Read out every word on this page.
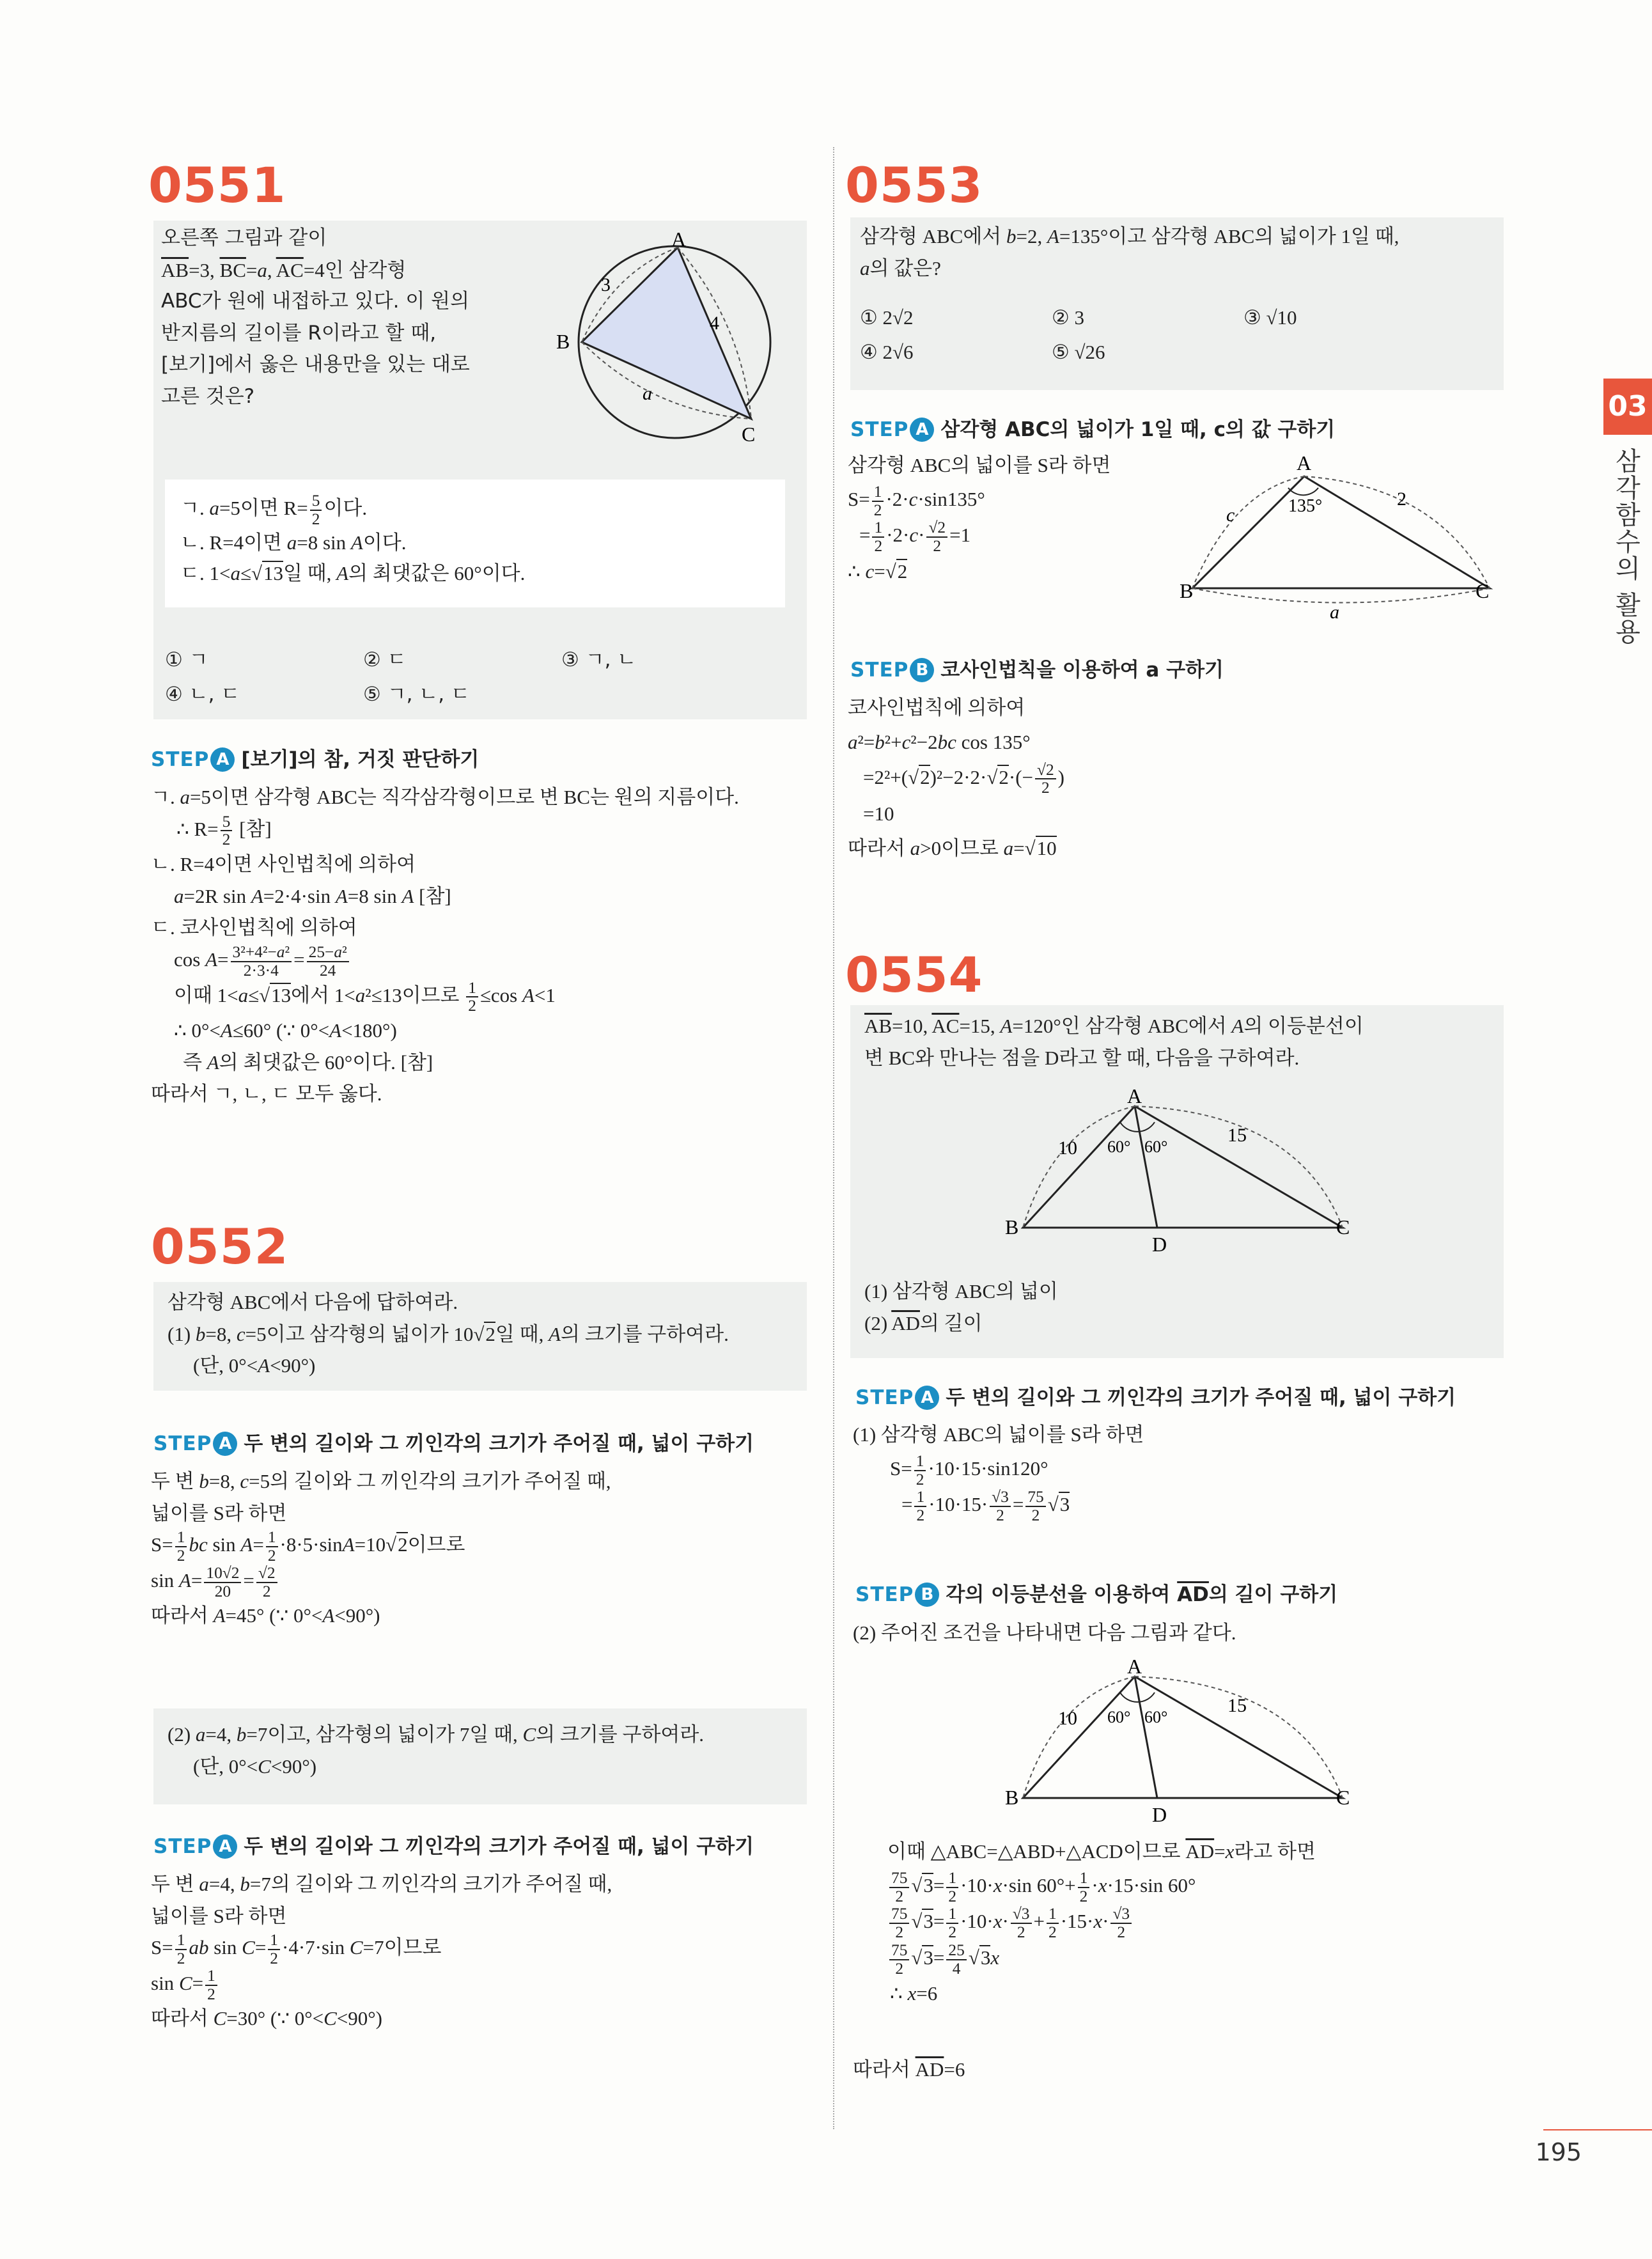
03
삼각함수의 활용
0551
오른쪽 그림과 같이
$\overline{AB}=3$, $\overline{BC}=a$, $\overline{AC}=4$인 삼각형
ABC가 원에 내접하고 있다. 이 원의
반지름의 길이를 R이라고 할 때,
[보기]에서 옳은 내용만을 있는 대로
고른 것은?
A
B
C
3
4
a
ㄱ. a=5이면 $R= \frac{5}{2}$ 이다.
ㄴ. R=4이면 a=8 sin A이다.
ㄷ. 1<a≤√13일 때, A의 최댓값은 60°이다.
① ㄱ	② ㄷ	③ ㄱ, ㄴ
④ ㄴ, ㄷ	⑤ ㄱ, ㄴ, ㄷ
STEP A [보기]의 참, 거짓 판단하기
ㄱ. a=5이면 삼각형 ABC는 직각삼각형이므로 변 BC는 원의 지름이다.
∴ $R= \frac{5}{2}$ [참]
ㄴ. R=4이면 사인법칙에 의하여
a=2R sin A=2·4·sin A=8 sin A [참]
ㄷ. 코사인법칙에 의하여
$\cos A= \frac{\text{3²+4²−a²}}{2\cdot 3\cdot 4} = \frac{\text{25−a²}}{24}$
이때 1<a≤√13에서 1<a²≤13이므로 $\frac{1}{2} \le\cos$ A<1
∴ 0°<A≤60° (∵ 0°<A<180°)
즉 A의 최댓값은 60°이다. [참]
따라서 ㄱ, ㄴ, ㄷ 모두 옳다.
0552
삼각형 ABC에서 다음에 답하여라.
(1) b=8, c=5이고 삼각형의 넓이가 10√2일 때, A의 크기를 구하여라.
(단, 0°<A<90°)
STEP A 두 변의 길이와 그 끼인각의 크기가 주어질 때, 넓이 구하기
두 변 b=8, c=5의 길이와 그 끼인각의 크기가 주어질 때,
넓이를 S라 하면
$S= \frac{1}{2}$ bc $\sin A= \frac{1}{2} \cdot 8\cdot 5\cdot\sin A=10√2$이므로
$\sin A= \frac{10√2}{20} = \frac{√2}{2}$
따라서 A=45° (∵ 0°<A<90°)
(2) a=4, b=7이고, 삼각형의 넓이가 7일 때, C의 크기를 구하여라.
(단, 0°<C<90°)
STEP A 두 변의 길이와 그 끼인각의 크기가 주어질 때, 넓이 구하기
두 변 a=4, b=7의 길이와 그 끼인각의 크기가 주어질 때,
넓이를 S라 하면
$S= \frac{1}{2}$ ab $\sin C= \frac{1}{2} \cdot 4\cdot 7\cdot\sin$ C=7이므로
$\sin C= \frac{1}{2}$
따라서 C=30° (∵ 0°<C<90°)
0553
삼각형 ABC에서 b=2, A=135°이고 삼각형 ABC의 넓이가 1일 때,
a의 값은?
① 2√2	② 3	③ √10
④ 2√6	⑤ √26
STEP A 삼각형 ABC의 넓이가 1일 때, c의 값 구하기
삼각형 ABC의 넓이를 S라 하면
$S= \frac{1}{2} \cdot 2\cdot c\cdot\sin 135^\circ$
= $\frac{1}{2} \cdot 2\cdot c\cdot \frac{√2}{2} =1$
∴ c=√2
A
B	C
135°	2
c
a
STEP B 코사인법칙을 이용하여 a 구하기
코사인법칙에 의하여
a²=b²+c²−2bc cos 135°
$=2^2+(√2)^2-2\cdot 2\cdot√2\cdot(- \frac{√2}{2}$ )
=10
따라서 a>0이므로 a=√10
0554
$\overline{AB}=10$, $\overline{AC}=15$, A=120°인 삼각형 ABC에서 A의 이등분선이
변 BC와 만나는 점을 D라고 할 때, 다음을 구하여라.
A
B	C
D
10
15
60° 60°
(1) 삼각형 ABC의 넓이
(2) $\overline{AD}$의 길이
STEP A 두 변의 길이와 그 끼인각의 크기가 주어질 때, 넓이 구하기
(1) 삼각형 ABC의 넓이를 S라 하면
$S= \frac{1}{2} \cdot 10\cdot 15\cdot\sin 120^\circ$
= $\frac{1}{2} \cdot 10\cdot 15\cdot \frac{√3}{2} = \frac{75}{2} √3$
STEP B 각의 이등분선을 이용하여 $\overline{AD}$의 길이 구하기
(2) 주어진 조건을 나타내면 다음 그림과 같다.
A
B	C
D
10
15
60° 60°
이때 △ABC=△ABD+△ACD이므로 $\overline{AD}=x$라고 하면
$\frac{75}{2} √3= \frac{1}{2} \cdot 10\cdot x\cdot\sin$ $60^\circ+ \frac{1}{2} \cdot x\cdot 15\cdot\sin$ 60°
$\frac{75}{2} √3= \frac{1}{2} \cdot 10\cdot x\cdot \frac{√3}{2} + \frac{1}{2} \cdot 15\cdot x\cdot \frac{√3}{2}$
$\frac{75}{2} √3= \frac{25}{4} √3x$
∴ x=6
따라서 $\overline{AD}=6$
195
